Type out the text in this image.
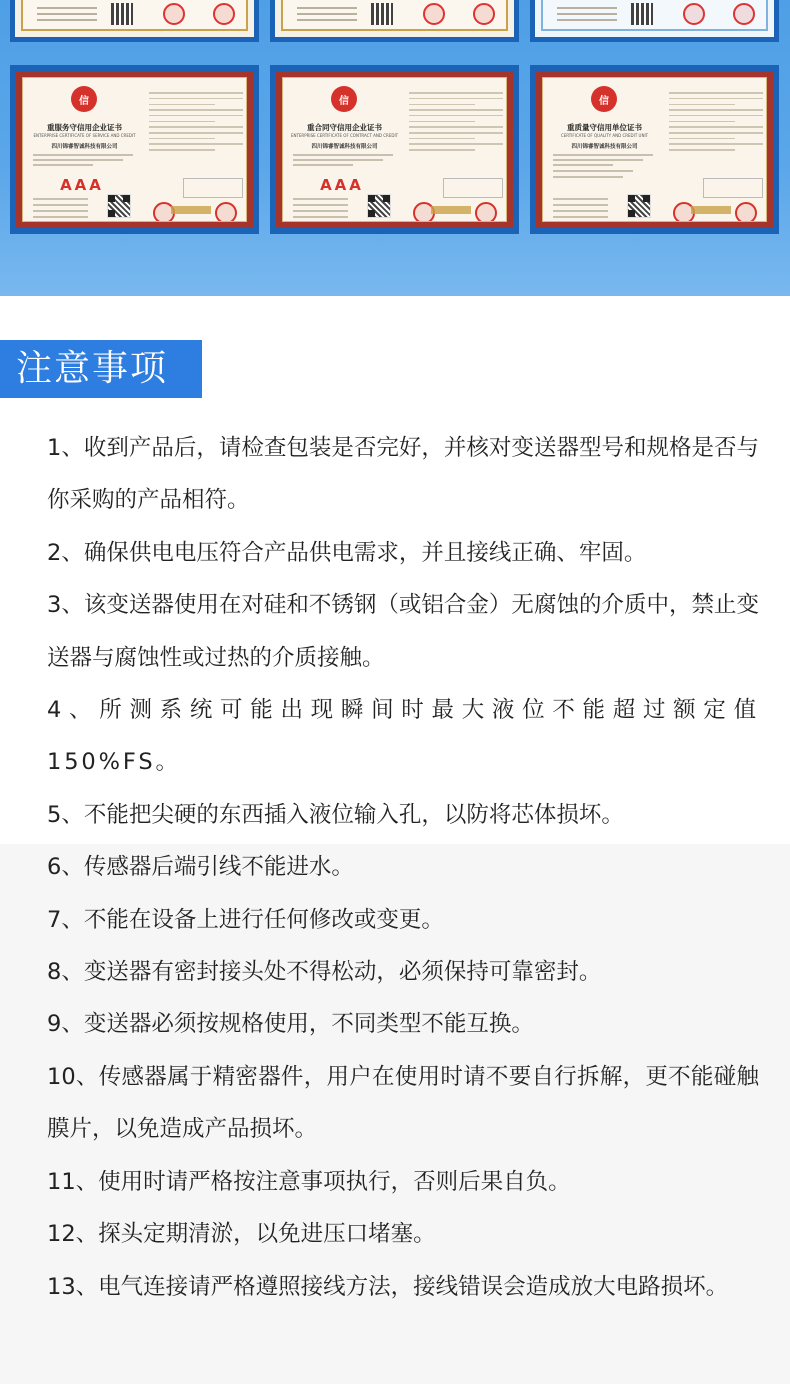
信
重服务守信用企业证书
ENTERPRISE CERTIFICATE OF SERVICE AND CREDIT
四川锦睿智诚科技有限公司
AAA
信
重合同守信用企业证书
ENTERPRISE CERTIFICATE OF CONTRACT AND CREDIT
四川锦睿智诚科技有限公司
AAA
信
重质量守信用单位证书
CERTIFICATE OF QUALITY AND CREDIT UNIT
四川锦睿智诚科技有限公司
注意事项
1、收到产品后，请检查包装是否完好，并核对变送器型号和规格是否与你采购的产品相符。
2、确保供电电压符合产品供电需求，并且接线正确、牢固。
3、该变送器使用在对硅和不锈钢（或铝合金）无腐蚀的介质中，禁止变送器与腐蚀性或过热的介质接触。
4、所测系统可能出现瞬间时最大液位不能超过额定值150%FS。
5、不能把尖硬的东西插入液位输入孔，以防将芯体损坏。
6、传感器后端引线不能进水。
7、不能在设备上进行任何修改或变更。
8、变送器有密封接头处不得松动，必须保持可靠密封。
9、变送器必须按规格使用，不同类型不能互换。
10、传感器属于精密器件，用户在使用时请不要自行拆解，更不能碰触膜片，以免造成产品损坏。
11、使用时请严格按注意事项执行，否则后果自负。
12、探头定期清淤，以免进压口堵塞。
13、电气连接请严格遵照接线方法，接线错误会造成放大电路损坏。
